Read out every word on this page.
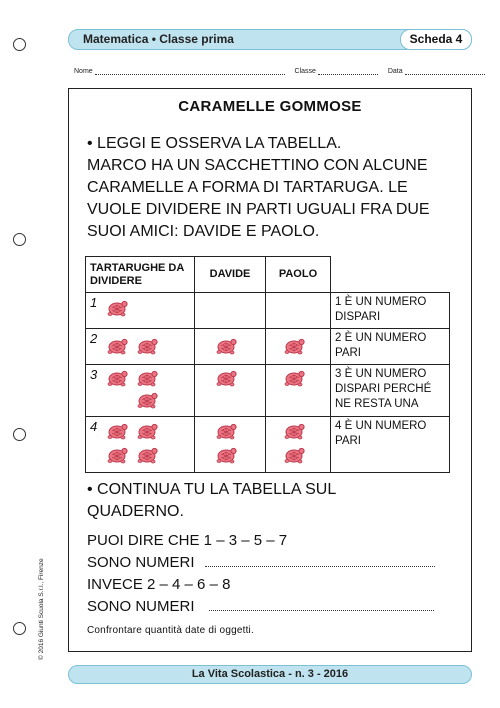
Matematica • Classe prima	Scheda 4
Nome	Classe	Data
CARAMELLE GOMMOSE
• LEGGI E OSSERVA LA TABELLA.
MARCO HA UN SACCHETTINO CON ALCUNE
CARAMELLE A FORMA DI TARTARUGA. LE
VUOLE DIVIDERE IN PARTI UGUALI FRA DUE
SUOI AMICI: DAVIDE E PAOLO.
TARTARUGHE DA DIVIDERE	DAVIDE	PAOLO	

1			1 È UN NUMERO DISPARI

2			2 È UN NUMERO PARI

3			3 È UN NUMERO DISPARI PERCHÉ NE RESTA UNA

4			4 È UN NUMERO PARI
• CONTINUA TU LA TABELLA SUL
QUADERNO.
PUOI DIRE CHE 1 – 3 – 5 – 7
SONO NUMERI
INVECE 2 – 4 – 6 – 8
SONO NUMERI
Confrontare quantità date di oggetti.
© 2016 Giunti Scuola S.r.l., Firenze
La Vita Scolastica - n. 3 - 2016
